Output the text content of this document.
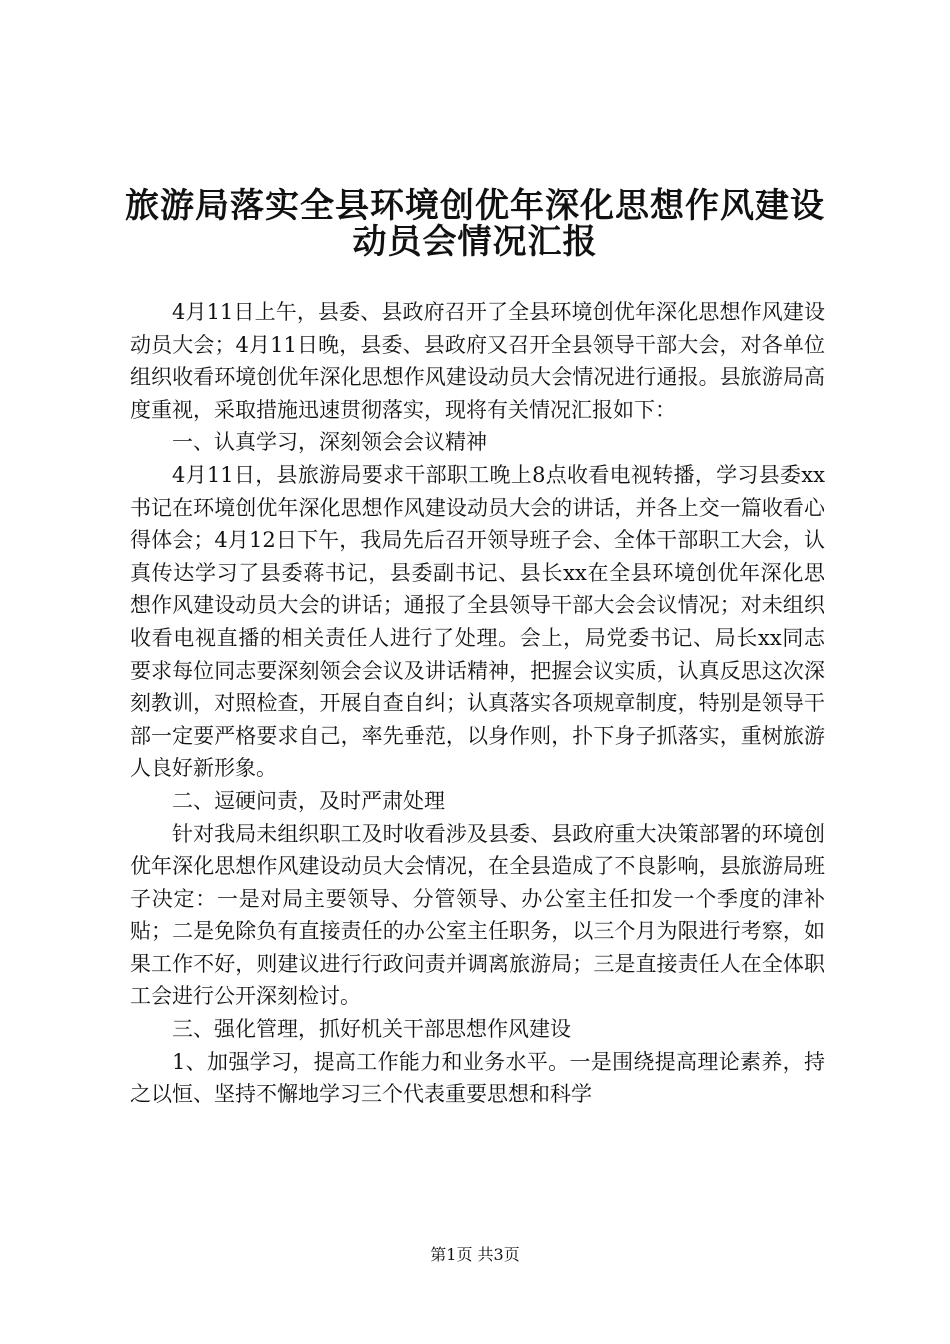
旅游局落实全县环境创优年深化思想作风建设
动员会情况汇报

4月11日上午，县委、县政府召开了全县环境创优年深化思想作风建设动员大会；4月11日晚，县委、县政府又召开全县领导干部大会，对各单位组织收看环境创优年深化思想作风建设动员大会情况进行通报。县旅游局高度重视，采取措施迅速贯彻落实，现将有关情况汇报如下：

一、认真学习，深刻领会会议精神

4月11日，县旅游局要求干部职工晚上8点收看电视转播，学习县委xx书记在环境创优年深化思想作风建设动员大会的讲话，并各上交一篇收看心得体会；4月12日下午，我局先后召开领导班子会、全体干部职工大会，认真传达学习了县委蒋书记，县委副书记、县长xx在全县环境创优年深化思想作风建设动员大会的讲话；通报了全县领导干部大会会议情况；对未组织收看电视直播的相关责任人进行了处理。会上，局党委书记、局长xx同志要求每位同志要深刻领会会议及讲话精神，把握会议实质，认真反思这次深刻教训，对照检查，开展自查自纠；认真落实各项规章制度，特别是领导干部一定要严格要求自己，率先垂范，以身作则，扑下身子抓落实，重树旅游人良好新形象。

二、逗硬问责，及时严肃处理

针对我局未组织职工及时收看涉及县委、县政府重大决策部署的环境创优年深化思想作风建设动员大会情况，在全县造成了不良影响，县旅游局班子决定：一是对局主要领导、分管领导、办公室主任扣发一个季度的津补贴；二是免除负有直接责任的办公室主任职务，以三个月为限进行考察，如果工作不好，则建议进行行政问责并调离旅游局；三是直接责任人在全体职工会进行公开深刻检讨。

三、强化管理，抓好机关干部思想作风建设

1、加强学习，提高工作能力和业务水平。一是围绕提高理论素养，持之以恒、坚持不懈地学习三个代表重要思想和科学

第1页 共3页
